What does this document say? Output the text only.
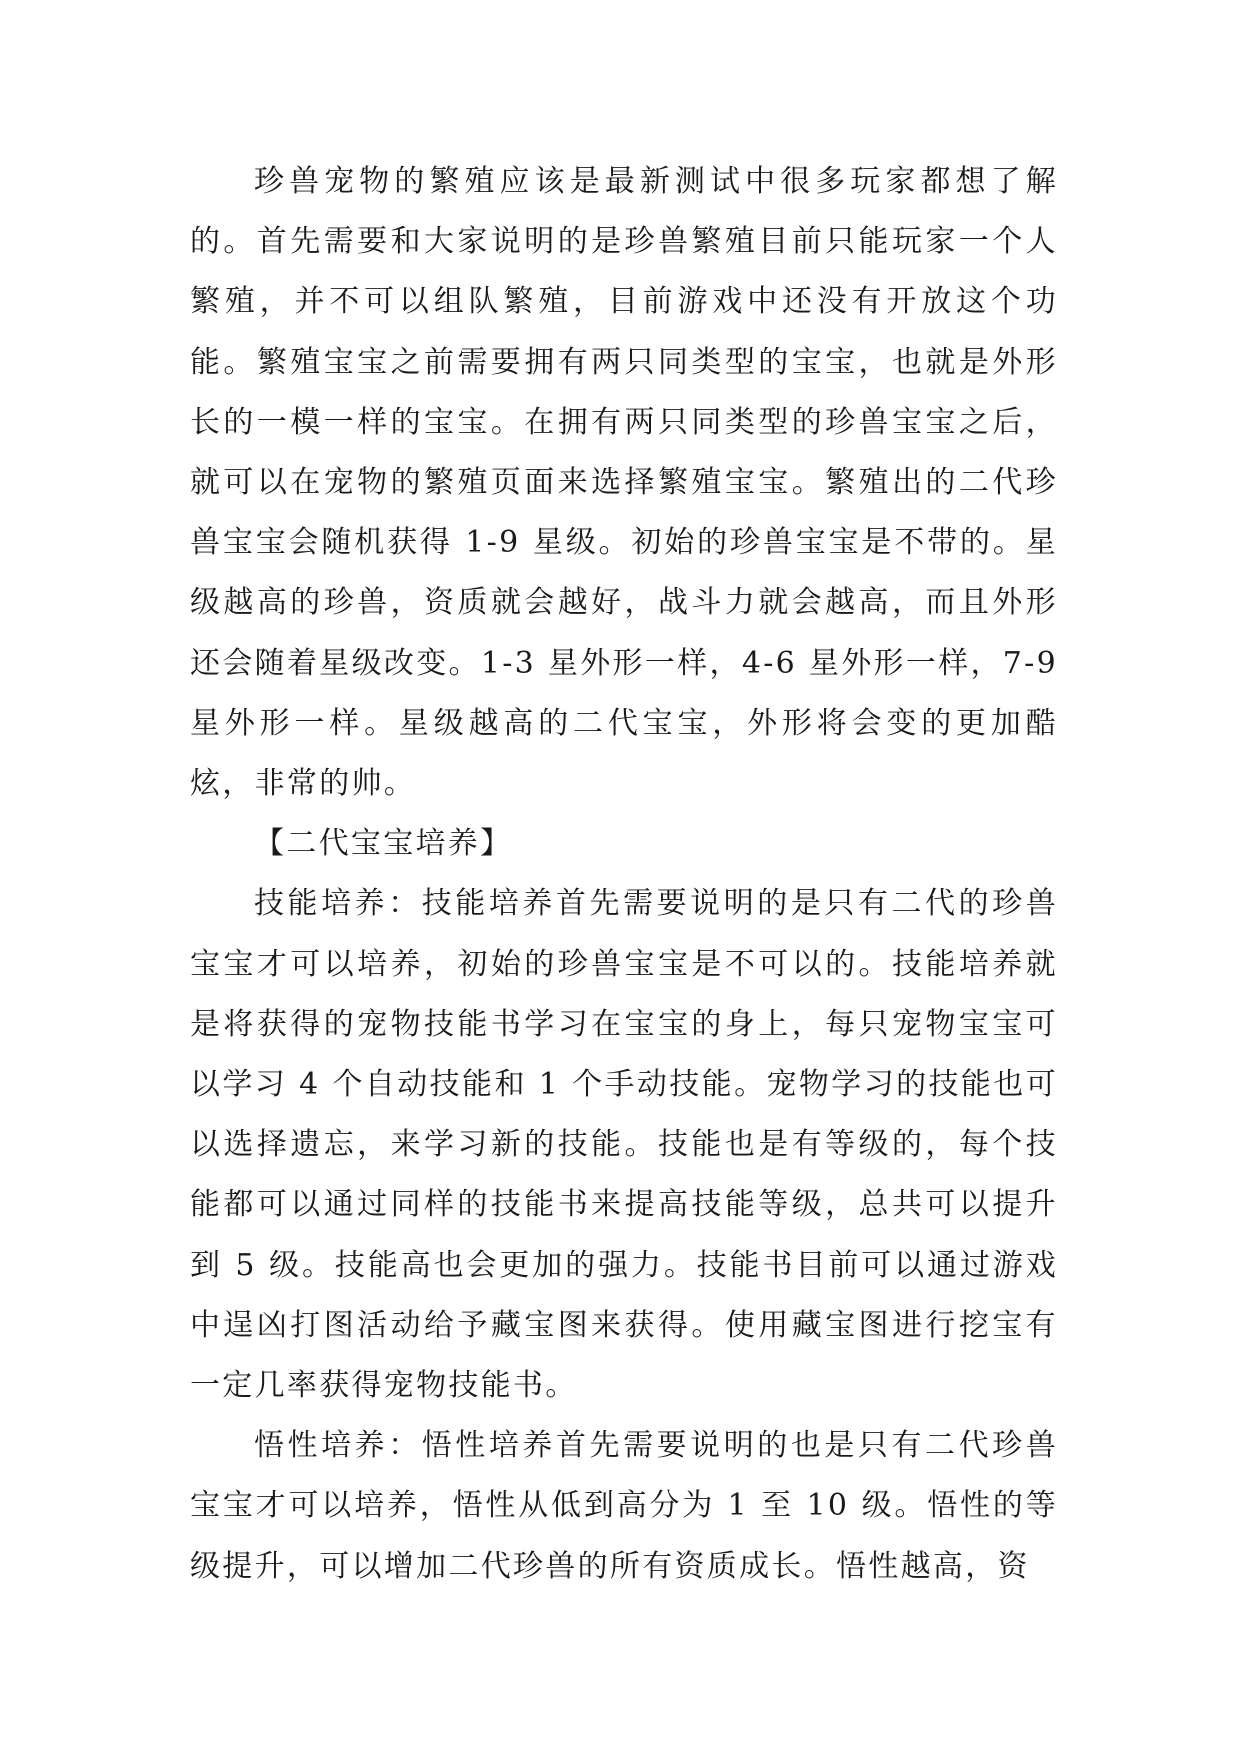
珍兽宠物的繁殖应该是最新测试中很多玩家都想了解的。首先需要和大家说明的是珍兽繁殖目前只能玩家一个人繁殖，并不可以组队繁殖，目前游戏中还没有开放这个功能。繁殖宝宝之前需要拥有两只同类型的宝宝，也就是外形长的一模一样的宝宝。在拥有两只同类型的珍兽宝宝之后，就可以在宠物的繁殖页面来选择繁殖宝宝。繁殖出的二代珍兽宝宝会随机获得 1-9 星级。初始的珍兽宝宝是不带的。星级越高的珍兽，资质就会越好，战斗力就会越高，而且外形还会随着星级改变。1-3 星外形一样，4-6 星外形一样，7-9 星外形一样。星级越高的二代宝宝，外形将会变的更加酷炫，非常的帅。

【二代宝宝培养】

技能培养：技能培养首先需要说明的是只有二代的珍兽宝宝才可以培养，初始的珍兽宝宝是不可以的。技能培养就是将获得的宠物技能书学习在宝宝的身上，每只宠物宝宝可以学习 4 个自动技能和 1 个手动技能。宠物学习的技能也可以选择遗忘，来学习新的技能。技能也是有等级的，每个技能都可以通过同样的技能书来提高技能等级，总共可以提升到 5 级。技能高也会更加的强力。技能书目前可以通过游戏中逞凶打图活动给予藏宝图来获得。使用藏宝图进行挖宝有一定几率获得宠物技能书。

悟性培养：悟性培养首先需要说明的也是只有二代珍兽宝宝才可以培养，悟性从低到高分为 1 至 10 级。悟性的等级提升，可以增加二代珍兽的所有资质成长。悟性越高，资
